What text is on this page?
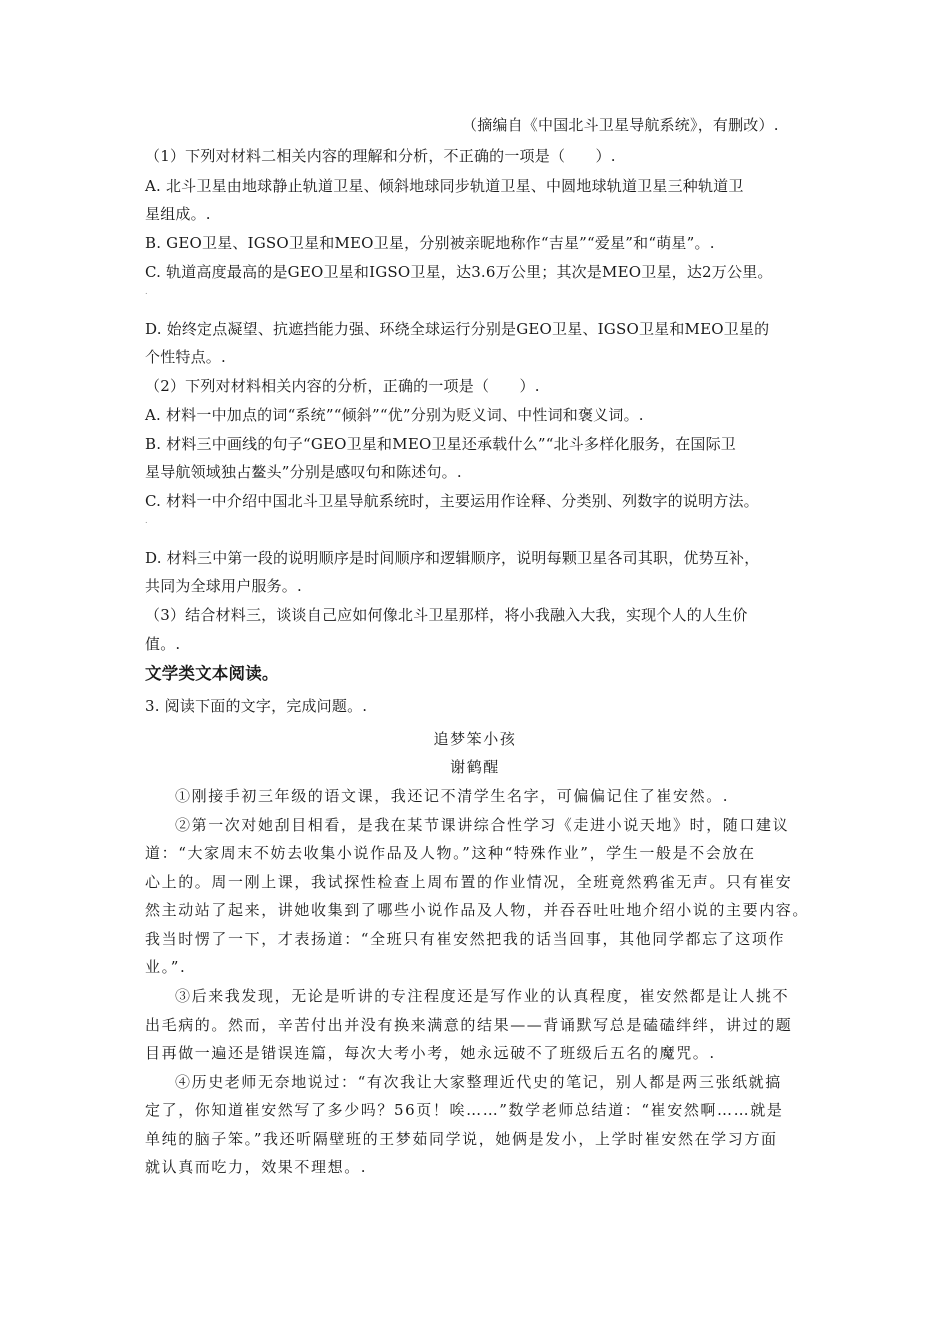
（摘编自《中国北斗卫星导航系统》，有删改）.
（1）下列对材料二相关内容的理解和分析，不正确的一项是（　　）.
A. 北斗卫星由地球静止轨道卫星、倾斜地球同步轨道卫星、中圆地球轨道卫星三种轨道卫
星组成。.
B. GEO卫星、IGSO卫星和MEO卫星，分别被亲昵地称作“吉星”“爱星”和“萌星”。.
C. 轨道高度最高的是GEO卫星和IGSO卫星，达3.6万公里；其次是MEO卫星，达2万公里。
.
D. 始终定点凝望、抗遮挡能力强、环绕全球运行分别是GEO卫星、IGSO卫星和MEO卫星的
个性特点。.
（2）下列对材料相关内容的分析，正确的一项是（　　）.
A. 材料一中加点的词“系统”“倾斜”“优”分别为贬义词、中性词和褒义词。.
B. 材料三中画线的句子“GEO卫星和MEO卫星还承载什么”“北斗多样化服务，在国际卫
星导航领域独占鳌头”分别是感叹句和陈述句。.
C. 材料一中介绍中国北斗卫星导航系统时，主要运用作诠释、分类别、列数字的说明方法。
.
D. 材料三中第一段的说明顺序是时间顺序和逻辑顺序，说明每颗卫星各司其职，优势互补，
共同为全球用户服务。.
（3）结合材料三，谈谈自己应如何像北斗卫星那样，将小我融入大我，实现个人的人生价
值。.
文学类文本阅读。
3. 阅读下面的文字，完成问题。.
追梦笨小孩
谢鹤醒
①刚接手初三年级的语文课，我还记不清学生名字，可偏偏记住了崔安然。.
②第一次对她刮目相看，是我在某节课讲综合性学习《走进小说天地》时，随口建议
道：“大家周末不妨去收集小说作品及人物。”这种“特殊作业”，学生一般是不会放在
心上的。周一刚上课，我试探性检查上周布置的作业情况，全班竟然鸦雀无声。只有崔安
然主动站了起来，讲她收集到了哪些小说作品及人物，并吞吞吐吐地介绍小说的主要内容。
我当时愣了一下，才表扬道：“全班只有崔安然把我的话当回事，其他同学都忘了这项作
业。”.
③后来我发现，无论是听讲的专注程度还是写作业的认真程度，崔安然都是让人挑不
出毛病的。然而，辛苦付出并没有换来满意的结果——背诵默写总是磕磕绊绊，讲过的题
目再做一遍还是错误连篇，每次大考小考，她永远破不了班级后五名的魔咒。.
④历史老师无奈地说过：“有次我让大家整理近代史的笔记，别人都是两三张纸就搞
定了，你知道崔安然写了多少吗？56页！唉……”数学老师总结道：“崔安然啊……就是
单纯的脑子笨。”我还听隔壁班的王梦茹同学说，她俩是发小，上学时崔安然在学习方面
就认真而吃力，效果不理想。.
